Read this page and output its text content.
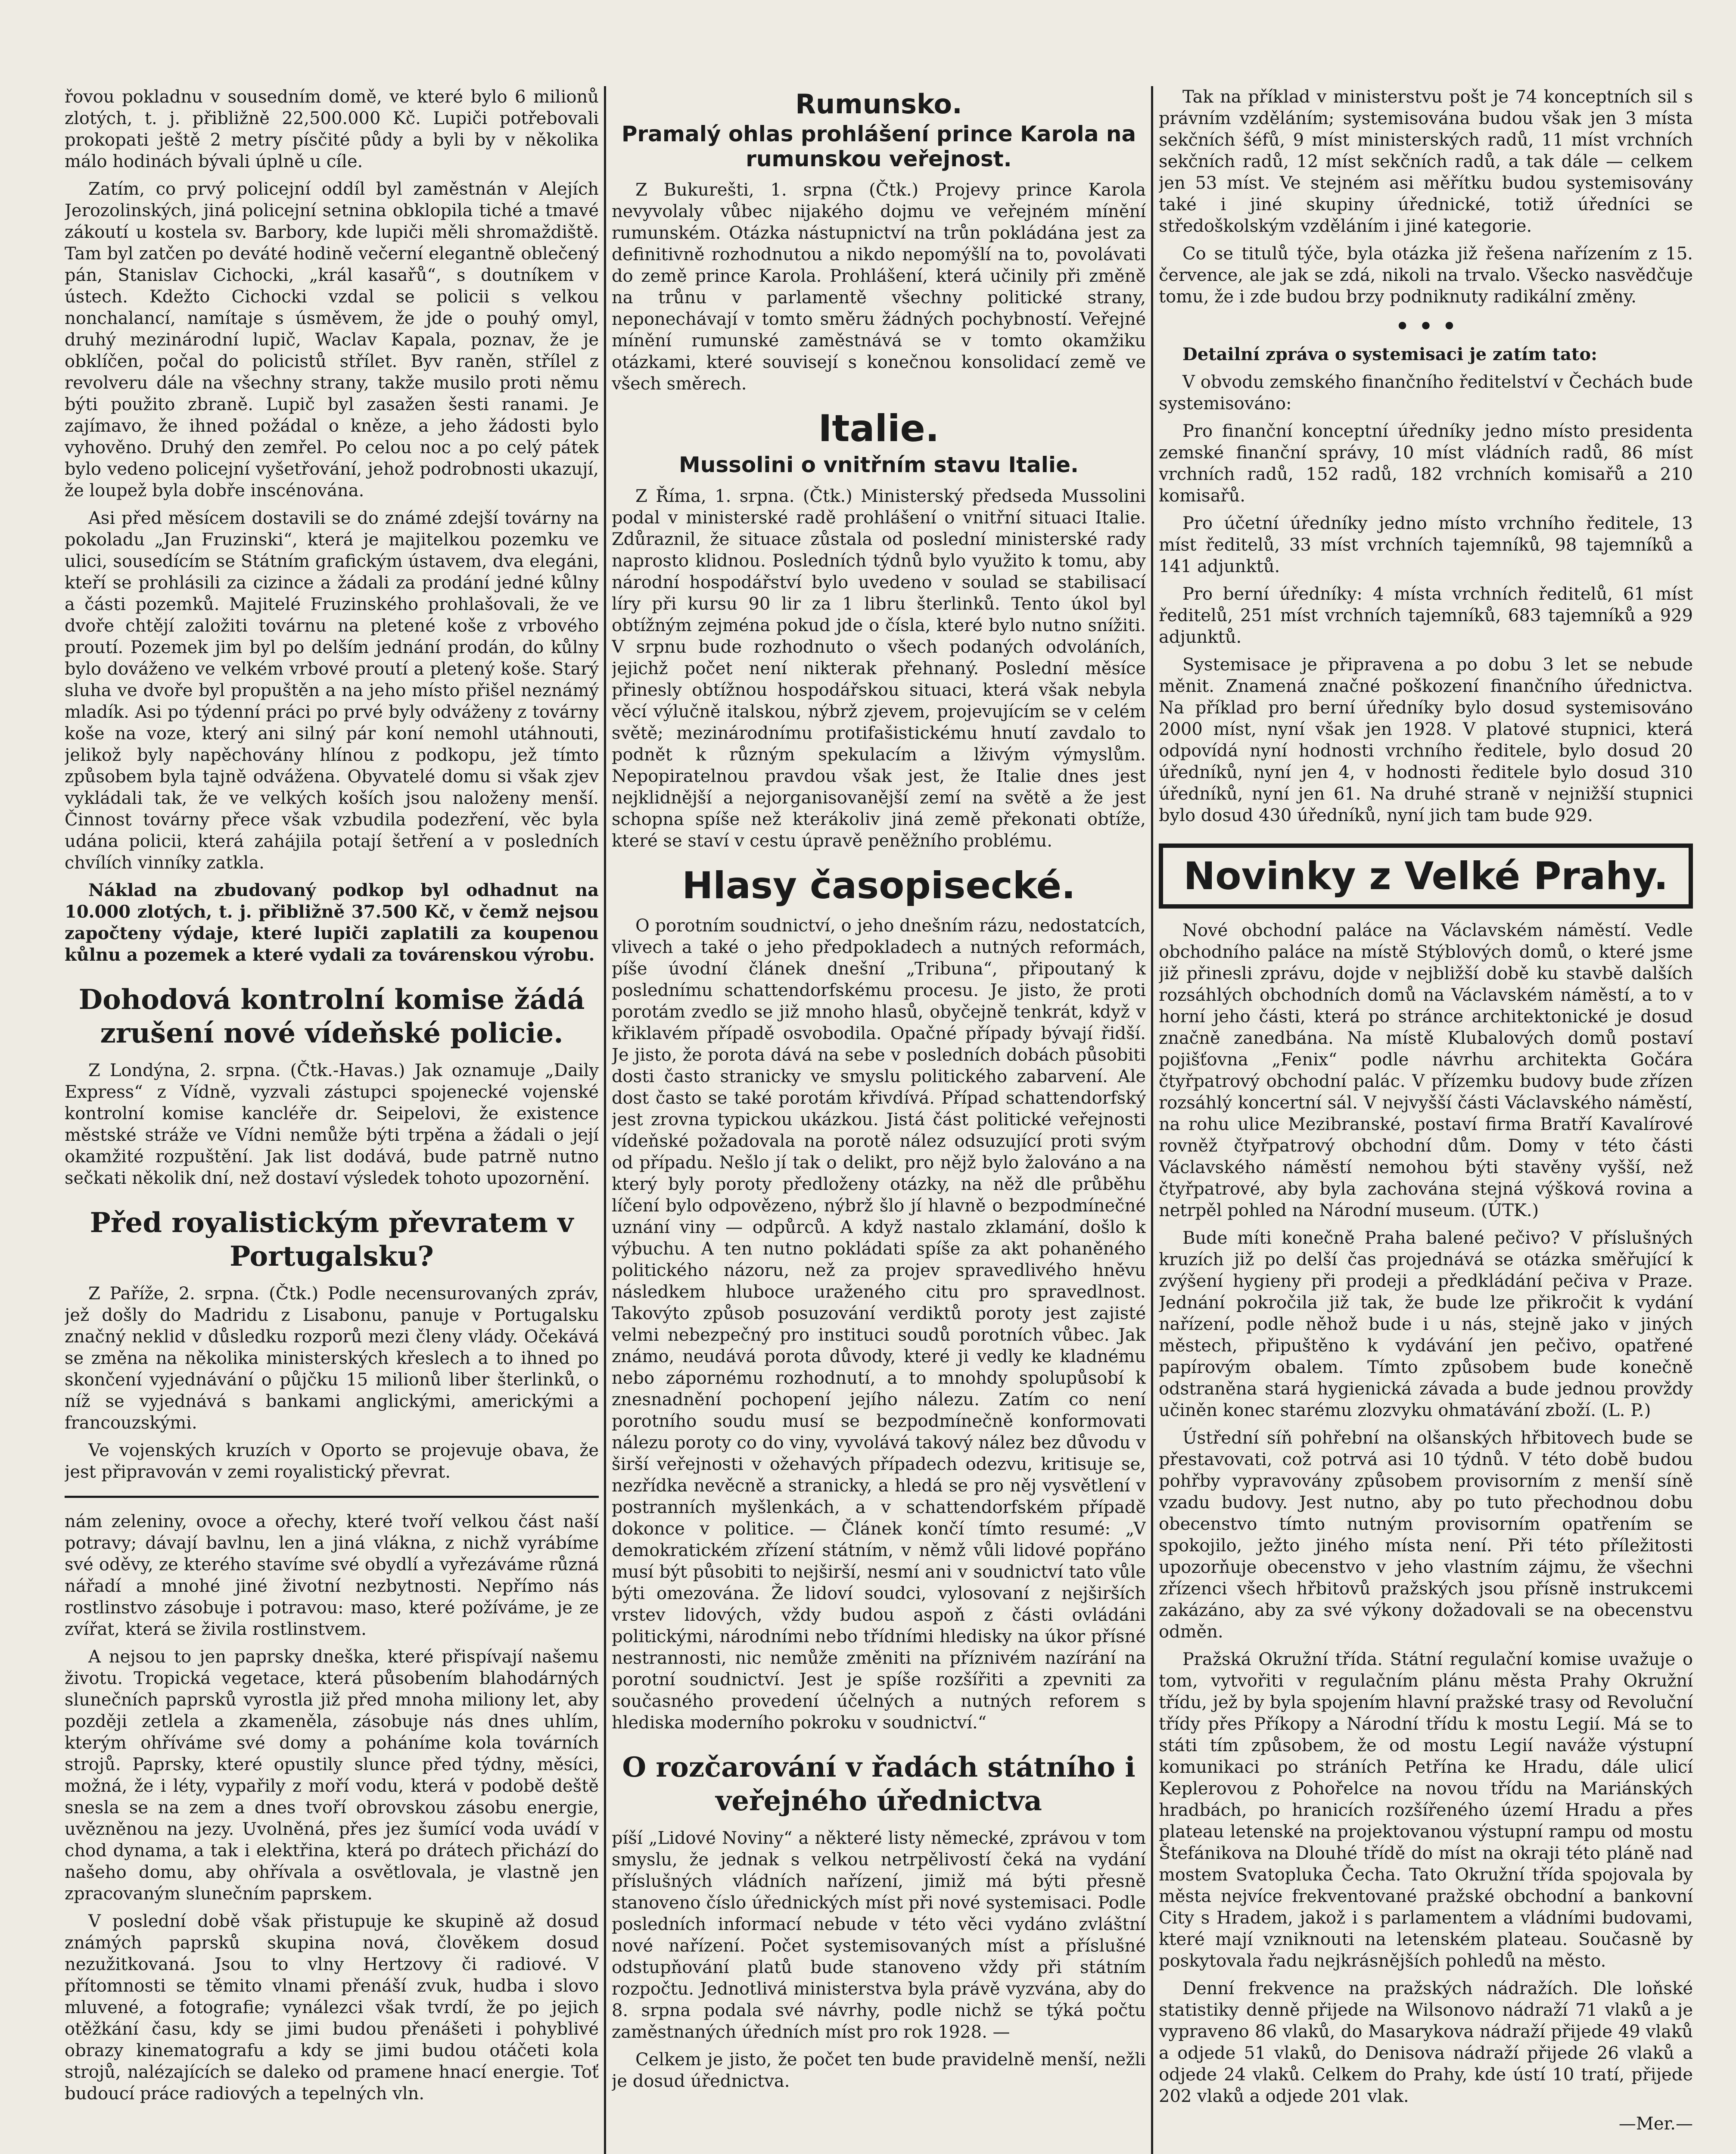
řovou pokladnu v sousedním domě, ve které bylo 6 milionů zlotých, t. j. přibližně 22,500.000 Kč. Lupiči potřebovali prokopati ještě 2 metry písčité půdy a byli by v několika málo hodinách bývali úplně u cíle.

Zatím, co prvý policejní oddíl byl zaměstnán v Alejích Jerozolinských, jiná policejní setnina obklopila tiché a tmavé zákoutí u kostela sv. Barbory, kde lupiči měli shromaždiště. Tam byl zatčen po deváté hodině večerní elegantně oblečený pán, Stanislav Cichocki, „král kasařů“, s doutníkem v ústech. Kdežto Cichocki vzdal se policii s velkou nonchalancí, namítaje s úsměvem, že jde o pouhý omyl, druhý mezinárodní lupič, Waclav Kapala, poznav, že je obklíčen, počal do policistů střílet. Byv raněn, střílel z revolveru dále na všechny strany, takže musilo proti němu býti použito zbraně. Lupič byl zasažen šesti ranami. Je zajímavo, že ihned požádal o kněze, a jeho žádosti bylo vyhověno. Druhý den zemřel. Po celou noc a po celý pátek bylo vedeno policejní vyšetřování, jehož podrobnosti ukazují, že loupež byla dobře inscénována.

Asi před měsícem dostavili se do známé zdejší továrny na pokoladu „Jan Fruzinski“, která je majitelkou pozemku ve ulici, sousedícím se Státním grafickým ústavem, dva elegáni, kteří se prohlásili za cizince a žádali za prodání jedné kůlny a části pozemků. Majitelé Fruzinského prohlašovali, že ve dvoře chtějí založiti továrnu na pletené koše z vrbového proutí. Pozemek jim byl po delším jednání prodán, do kůlny bylo dováženo ve velkém vrbové proutí a pletený koše. Starý sluha ve dvoře byl propuštěn a na jeho místo přišel neznámý mladík. Asi po týdenní práci po prvé byly odváženy z továrny koše na voze, který ani silný pár koní nemohl utáhnouti, jelikož byly napěchovány hlínou z podkopu, jež tímto způsobem byla tajně odvážena. Obyvatelé domu si však zjev vykládali tak, že ve velkých koších jsou naloženy menší. Činnost továrny přece však vzbudila podezření, věc byla udána policii, která zahájila potají šetření a v posledních chvílích vinníky zatkla.

Náklad na zbudovaný podkop byl odhadnut na 10.000 zlotých, t. j. přibližně 37.500 Kč, v čemž nejsou započteny výdaje, které lupiči zaplatili za koupenou kůlnu a pozemek a které vydali za továrenskou výrobu.

Dohodová kontrolní komise žádá zrušení nové vídeňské policie.

Z Londýna, 2. srpna. (Čtk.-Havas.) Jak oznamuje „Daily Express“ z Vídně, vyzvali zástupci spojenecké vojenské kontrolní komise kancléře dr. Seipelovi, že existence městské stráže ve Vídni nemůže býti trpěna a žádali o její okamžité rozpuštění. Jak list dodává, bude patrně nutno sečkati několik dní, než dostaví výsledek tohoto upozornění.

Před royalistickým převratem v Portugalsku?

Z Paříže, 2. srpna. (Čtk.) Podle necensurovaných zpráv, jež došly do Madridu z Lisabonu, panuje v Portugalsku značný neklid v důsledku rozporů mezi členy vlády. Očekává se změna na několika ministerských křeslech a to ihned po skončení vyjednávání o půjčku 15 milionů liber šterlinků, o níž se vyjednává s bankami anglickými, americkými a francouzskými.

Ve vojenských kruzích v Oporto se projevuje obava, že jest připravován v zemi royalistický převrat.

nám zeleniny, ovoce a ořechy, které tvoří velkou část naší potravy; dávají bavlnu, len a jiná vlákna, z nichž vyrábíme své oděvy, ze kterého stavíme své obydlí a vyřezáváme různá nářadí a mnohé jiné životní nezbytnosti. Nepřímo nás rostlinstvo zásobuje i potravou: maso, které požíváme, je ze zvířat, která se živila rostlinstvem.

A nejsou to jen paprsky dneška, které přispívají našemu životu. Tropická vegetace, která působením blahodárných slunečních paprsků vyrostla již před mnoha miliony let, aby později zetlela a zkameněla, zásobuje nás dnes uhlím, kterým ohříváme své domy a poháníme kola továrních strojů. Paprsky, které opustily slunce před týdny, měsíci, možná, že i léty, vypařily z moří vodu, která v podobě deště snesla se na zem a dnes tvoří obrovskou zásobu energie, uvězněnou na jezy. Uvolněná, přes jez šumící voda uvádí v chod dynama, a tak i elektřina, která po drátech přichází do našeho domu, aby ohřívala a osvětlovala, je vlastně jen zpracovaným slunečním paprskem.

V poslední době však přistupuje ke skupině až dosud známých paprsků skupina nová, člověkem dosud nezužitkovaná. Jsou to vlny Hertzovy či radiové. V přítomnosti se těmito vlnami přenáší zvuk, hudba i slovo mluvené, a fotografie; vynálezci však tvrdí, že po jejich otěžkání času, kdy se jimi budou přenášeti i pohyblivé obrazy kinematografu a kdy se jimi budou otáčeti kola strojů, nalézajících se daleko od pramene hnací energie. Toť budoucí práce radiových a tepelných vln.

Rumunsko.
Pramalý ohlas prohlášení prince Karola na rumunskou veřejnost.

Z Bukurešti, 1. srpna (Čtk.) Projevy prince Karola nevyvolaly vůbec nijakého dojmu ve veřejném mínění rumunském. Otázka nástupnictví na trůn pokládána jest za definitivně rozhodnutou a nikdo nepomýšlí na to, povolávati do země prince Karola. Prohlášení, která učinily při změně na trůnu v parlamentě všechny politické strany, neponechávají v tomto směru žádných pochybností. Veřejné mínění rumunské zaměstnává se v tomto okamžiku otázkami, které souvisejí s konečnou konsolidací země ve všech směrech.

Italie.
Mussolini o vnitřním stavu Italie.

Z Říma, 1. srpna. (Čtk.) Ministerský předseda Mussolini podal v ministerské radě prohlášení o vnitřní situaci Italie. Zdůraznil, že situace zůstala od poslední ministerské rady naprosto klidnou. Posledních týdnů bylo využito k tomu, aby národní hospodářství bylo uvedeno v soulad se stabilisací líry při kursu 90 lir za 1 libru šterlinků. Tento úkol byl obtížným zejména pokud jde o čísla, které bylo nutno snížiti. V srpnu bude rozhodnuto o všech podaných odvoláních, jejichž počet není nikterak přehnaný. Poslední měsíce přinesly obtížnou hospodářskou situaci, která však nebyla věcí výlučně italskou, nýbrž zjevem, projevujícím se v celém světě; mezinárodnímu protifašistickému hnutí zavdalo to podnět k různým spekulacím a lživým výmyslům. Nepopiratelnou pravdou však jest, že Italie dnes jest nejklidnější a nejorganisovanější zemí na světě a že jest schopna spíše než kterákoliv jiná země překonati obtíže, které se staví v cestu úpravě peněžního problému.

Hlasy časopisecké.

O porotním soudnictví, o jeho dnešním rázu, nedostatcích, vlivech a také o jeho předpokladech a nutných reformách, píše úvodní článek dnešní „Tribuna“, připoutaný k poslednímu schattendorfskému procesu. Je jisto, že proti porotám zvedlo se již mnoho hlasů, obyčejně tenkrát, když v křiklavém případě osvobodila. Opačné případy bývají řidší. Je jisto, že porota dává na sebe v posledních dobách působiti dosti často stranicky ve smyslu politického zabarvení. Ale dost často se také porotám křivdívá. Případ schattendorfský jest zrovna typickou ukázkou. Jistá část politické veřejnosti vídeňské požadovala na porotě nález odsuzující proti svým od případu. Nešlo jí tak o delikt, pro nějž bylo žalováno a na který byly poroty předloženy otázky, na něž dle průběhu líčení bylo odpovězeno, nýbrž šlo jí hlavně o bezpodmínečné uznání viny — odpůrců. A když nastalo zklamání, došlo k výbuchu. A ten nutno pokládati spíše za akt pohaněného politického názoru, než za projev spravedlivého hněvu následkem hluboce uraženého citu pro spravedlnost. Takovýto způsob posuzování verdiktů poroty jest zajisté velmi nebezpečný pro instituci soudů porotních vůbec. Jak známo, neudává porota důvody, které ji vedly ke kladnému nebo zápornému rozhodnutí, a to mnohdy spolupůsobí k znesnadnění pochopení jejího nálezu. Zatím co není porotního soudu musí se bezpodmínečně konformovati nálezu poroty co do viny, vyvolává takový nález bez důvodu v širší veřejnosti v ožehavých případech odezvu, kritisuje se, nezřídka nevěcně a stranicky, a hledá se pro něj vysvětlení v postranních myšlenkách, a v schattendorfském případě dokonce v politice. — Článek končí tímto resumé: „V demokratickém zřízení státním, v němž vůli lidové popřáno musí být působiti to nejširší, nesmí ani v soudnictví tato vůle býti omezována. Že lidoví soudci, vylosovaní z nejširších vrstev lidových, vždy budou aspoň z části ovládáni politickými, národními nebo třídními hledisky na úkor přísné nestrannosti, nic nemůže změniti na příznivém nazírání na porotní soudnictví. Jest je spíše rozšířiti a zpevniti za současného provedení účelných a nutných reforem s hlediska moderního pokroku v soudnictví.“

O rozčarování v řadách státního i veřejného úřednictva

píší „Lidové Noviny“ a některé listy německé, zprávou v tom smyslu, že jednak s velkou netrpělivostí čeká na vydání příslušných vládních nařízení, jimiž má býti přesně stanoveno číslo úřednických míst při nové systemisaci. Podle posledních informací nebude v této věci vydáno zvláštní nové nařízení. Počet systemisovaných míst a příslušné odstupňování platů bude stanoveno vždy při státním rozpočtu. Jednotlivá ministerstva byla právě vyzvána, aby do 8. srpna podala své návrhy, podle nichž se týká počtu zaměstnaných úředních míst pro rok 1928. —

Celkem je jisto, že počet ten bude pravidelně menší, nežli je dosud úřednictva.

Tak na příklad v ministerstvu pošt je 74 konceptních sil s právním vzděláním; systemisována budou však jen 3 místa sekčních šéfů, 9 míst ministerských radů, 11 míst vrchních sekčních radů, 12 míst sekčních radů, a tak dále — celkem jen 53 míst. Ve stejném asi měřítku budou systemisovány také i jiné skupiny úřednické, totiž úředníci se středoškolským vzděláním i jiné kategorie.

Co se titulů týče, byla otázka již řešena nařízením z 15. července, ale jak se zdá, nikoli na trvalo. Všecko nasvědčuje tomu, že i zde budou brzy podniknuty radikální změny.

• • •

Detailní zpráva o systemisaci je zatím tato:

V obvodu zemského finančního ředitelství v Čechách bude systemisováno:

Pro finanční konceptní úředníky jedno místo presidenta zemské finanční správy, 10 míst vládních radů, 86 míst vrchních radů, 152 radů, 182 vrchních komisařů a 210 komisařů.

Pro účetní úředníky jedno místo vrchního ředitele, 13 míst ředitelů, 33 míst vrchních tajemníků, 98 tajemníků a 141 adjunktů.

Pro berní úředníky: 4 místa vrchních ředitelů, 61 míst ředitelů, 251 míst vrchních tajemníků, 683 tajemníků a 929 adjunktů.

Systemisace je připravena a po dobu 3 let se nebude měnit. Znamená značné poškození finančního úřednictva. Na příklad pro berní úředníky bylo dosud systemisováno 2000 míst, nyní však jen 1928. V platové stupnici, která odpovídá nyní hodnosti vrchního ředitele, bylo dosud 20 úředníků, nyní jen 4, v hodnosti ředitele bylo dosud 310 úředníků, nyní jen 61. Na druhé straně v nejnižší stupnici bylo dosud 430 úředníků, nyní jich tam bude 929.

Novinky z Velké Prahy.

Nové obchodní paláce na Václavském náměstí. Vedle obchodního paláce na místě Stýblových domů, o které jsme již přinesli zprávu, dojde v nejbližší době ku stavbě dalších rozsáhlých obchodních domů na Václavském náměstí, a to v horní jeho části, která po stránce architektonické je dosud značně zanedbána. Na místě Klubalových domů postaví pojišťovna „Fenix“ podle návrhu architekta Gočára čtyřpatrový obchodní palác. V přízemku budovy bude zřízen rozsáhlý koncertní sál. V nejvyšší části Václavského náměstí, na rohu ulice Mezibranské, postaví firma Bratří Kavalírové rovněž čtyřpatrový obchodní dům. Domy v této části Václavského náměstí nemohou býti stavěny vyšší, než čtyřpatrové, aby byla zachována stejná výšková rovina a netrpěl pohled na Národní museum. (ÚTK.)

Bude míti konečně Praha balené pečivo? V příslušných kruzích již po delší čas projednává se otázka směřující k zvýšení hygieny při prodeji a předkládání pečiva v Praze. Jednání pokročila již tak, že bude lze přikročit k vydání nařízení, podle něhož bude i u nás, stejně jako v jiných městech, připuštěno k vydávání jen pečivo, opatřené papírovým obalem. Tímto způsobem bude konečně odstraněna stará hygienická závada a bude jednou provždy učiněn konec starému zlozvyku ohmatávání zboží. (L. P.)

Ústřední síň pohřební na olšanských hřbitovech bude se přestavovati, což potrvá asi 10 týdnů. V této době budou pohřby vypravovány způsobem provisorním z menší síně vzadu budovy. Jest nutno, aby po tuto přechodnou dobu obecenstvo tímto nutným provisorním opatřením se spokojilo, ježto jiného místa není. Při této příležitosti upozorňuje obecenstvo v jeho vlastním zájmu, že všechni zřízenci všech hřbitovů pražských jsou přísně instrukcemi zakázáno, aby za své výkony dožadovali se na obecenstvu odměn.

Pražská Okružní třída. Státní regulační komise uvažuje o tom, vytvořiti v regulačním plánu města Prahy Okružní třídu, jež by byla spojením hlavní pražské trasy od Revoluční třídy přes Příkopy a Národní třídu k mostu Legií. Má se to státi tím způsobem, že od mostu Legií naváže výstupní komunikaci po stráních Petřína ke Hradu, dále ulicí Keplerovou z Pohořelce na novou třídu na Mariánských hradbách, po hranicích rozšířeného území Hradu a přes plateau letenské na projektovanou výstupní rampu od mostu Štefánikova na Dlouhé třídě do míst na okraji této pláně nad mostem Svatopluka Čecha. Tato Okružní třída spojovala by města nejvíce frekventované pražské obchodní a bankovní City s Hradem, jakož i s parlamentem a vládními budovami, které mají vzniknouti na letenském plateau. Současně by poskytovala řadu nejkrásnějších pohledů na město.

Denní frekvence na pražských nádražích. Dle loňské statistiky denně přijede na Wilsonovo nádraží 71 vlaků a je vypraveno 86 vlaků, do Masarykova nádraží přijede 49 vlaků a odjede 51 vlaků, do Denisova nádraží přijede 26 vlaků a odjede 24 vlaků. Celkem do Prahy, kde ústí 10 tratí, přijede 202 vlaků a odjede 201 vlak.

—Mer.—
